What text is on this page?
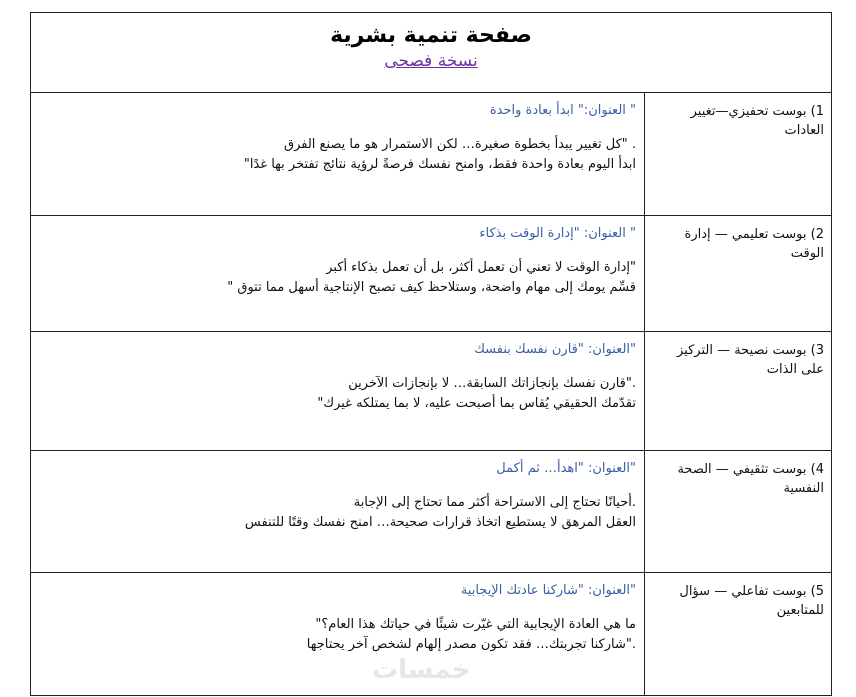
صفحة تنمية بشرية
نسخة فصحى
1) بوست تحفيزي—تغيير العادات
" العنوان:" ابدأ بعادة واحدة
. "كل تغيير يبدأ بخطوة صغيرة… لكن الاستمرار هو ما يصنع الفرق
ابدأ اليوم بعادة واحدة فقط، وامنح نفسك فرصةً لرؤية نتائج تفتخر بها غدًا"
2) بوست تعليمي — إدارة الوقت
" العنوان: "إدارة الوقت بذكاء
"إدارة الوقت لا تعني أن تعمل أكثر، بل أن تعمل بذكاء أكبر
قسِّم يومك إلى مهام واضحة، وستلاحظ كيف تصبح الإنتاجية أسهل مما تتوق "
3) بوست نصيحة — التركيز على الذات
"العنوان: "قارن نفسك بنفسك
."قارن نفسك بإنجازاتك السابقة… لا بإنجازات الآخرين
تقدّمك الحقيقي يُقاس بما أصبحت عليه، لا بما يمتلكه غيرك"
4) بوست تثقيفي — الصحة النفسية
"العنوان: "اهدأ… ثم أكمل
.أحيانًا تحتاج إلى الاستراحة أكثر مما تحتاج إلى الإجابة
العقل المرهق لا يستطيع اتخاذ قرارات صحيحة… امنح نفسك وقتًا للتنفس
5) بوست تفاعلي — سؤال للمتابعين
"العنوان: "شاركنا عادتك الإيجابية
ما هي العادة الإيجابية التي غيّرت شيئًا في حياتك هذا العام؟"
."شاركنا تجربتك… فقد تكون مصدر إلهام لشخص آخر يحتاجها
خمسات
